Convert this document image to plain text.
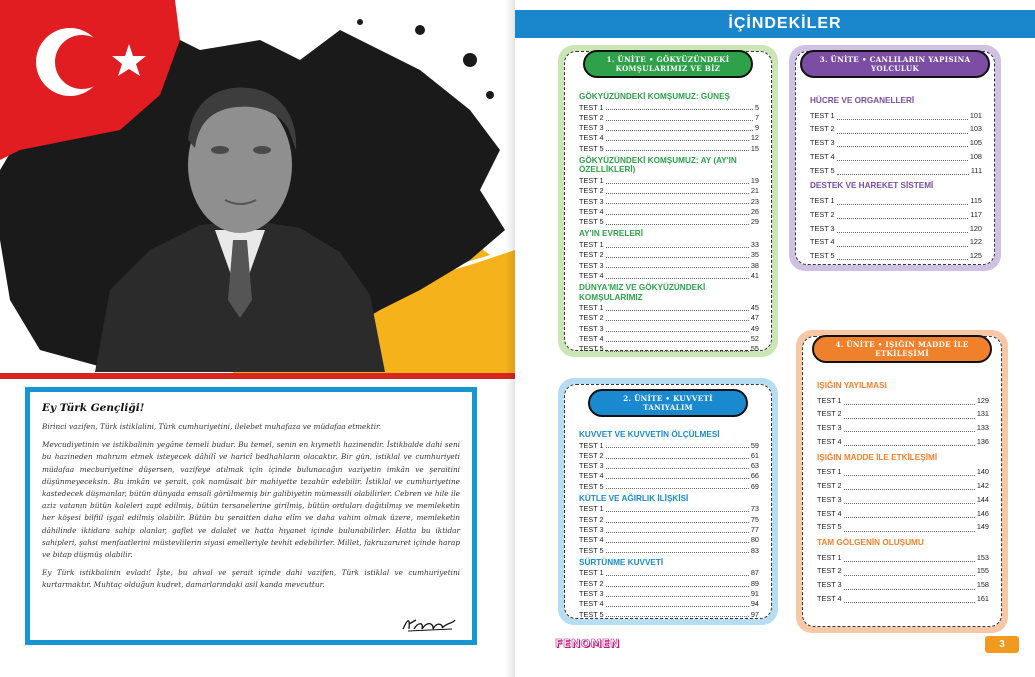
Ey Türk Gençliği!

Birinci vazifen, Türk istiklalini, Türk cumhuriyetini, ilelebet muhafaza ve müdafaa etmektir.

Mevcudiyetinin ve istikbalinin yegâne temeli budur. Bu temel, senin en kıymetli hazinendir. İstikbalde dahi seni bu hazineden mahrum etmek isteyecek dâhilî ve haricî bedhahların olacaktır. Bir gün, istiklal ve cumhuriyeti müdafaa mecburiyetine düşersen, vazifeye atılmak için içinde bulunacağın vaziyetin imkân ve şeraitini düşünmeyeceksin. Bu imkân ve şerait, çok namüsait bir mahiyette tezahür edebilir. İstiklal ve cumhuriyetine kastedecek düşmanlar, bütün dünyada emsali görülmemiş bir galibiyetin mümessili olabilirler. Cebren ve hile ile aziz vatanın bütün kaleleri zapt edilmiş, bütün tersanelerine girilmiş, bütün orduları dağıtılmış ve memleketin her köşesi bilfiil işgal edilmiş olabilir. Bütün bu şeraitten daha elîm ve daha vahim olmak üzere, memleketin dâhilinde iktidara sahip olanlar, gaflet ve dalalet ve hatta hıyanet içinde bulunabilirler. Hatta bu iktidar sahipleri, şahsi menfaatlerini müstevlilerin siyasi emelleriyle tevhit edebilirler. Millet, fakruzaruret içinde harap ve bitap düşmüş olabilir.

Ey Türk istikbalinin evladı! İşte, bu ahval ve şerait içinde dahi vazifen, Türk istiklal ve cumhuriyetini kurtarmaktır. Muhtaç olduğun kudret, damarlarındaki asil kanda mevcuttur.

İÇİNDEKİLER
1. ÜNİTE • GÖKYÜZÜNDEKİ
KOMŞULARIMIZ VE BİZ
GÖKYÜZÜNDEKİ KOMŞUMUZ: GÜNEŞ
TEST 1	5
TEST 2	7
TEST 3	9
TEST 4	12
TEST 5	15
GÖKYÜZÜNDEKİ KOMŞUMUZ: AY (AY'IN ÖZELLİKLERİ)
TEST 1	19
TEST 2	21
TEST 3	23
TEST 4	26
TEST 5	29
AY'IN EVRELERİ
TEST 1	33
TEST 2	35
TEST 3	38
TEST 4	41
DÜNYA'MIZ VE GÖKYÜZÜNDEKİ KOMŞULARIMIZ
TEST 1	45
TEST 2	47
TEST 3	49
TEST 4	52
TEST 5	55
3. ÜNİTE • CANLILARIN YAPISINA
YOLCULUK
HÜCRE VE ORGANELLERİ
TEST 1	101
TEST 2	103
TEST 3	105
TEST 4	108
TEST 5	111
DESTEK VE HAREKET SİSTEMİ
TEST 1	115
TEST 2	117
TEST 3	120
TEST 4	122
TEST 5	125
2. ÜNİTE • KUVVETİ TANIYALIM
KUVVET VE KUVVETİN ÖLÇÜLMESİ
TEST 1	59
TEST 2	61
TEST 3	63
TEST 4	66
TEST 5	69
KÜTLE VE AĞIRLIK İLİŞKİSİ
TEST 1	73
TEST 2	75
TEST 3	77
TEST 4	80
TEST 5	83
SÜRTÜNME KUVVETİ
TEST 1	87
TEST 2	89
TEST 3	91
TEST 4	94
TEST 5	97
4. ÜNİTE • IŞIĞIN MADDE İLE
ETKİLEŞİMİ
IŞIĞIN YAYILMASI
TEST 1	129
TEST 2	131
TEST 3	133
TEST 4	136
IŞIĞIN MADDE İLE ETKİLEŞİMİ
TEST 1	140
TEST 2	142
TEST 3	144
TEST 4	146
TEST 5	149
TAM GÖLGENİN OLUŞUMU
TEST 1	153
TEST 2	155
TEST 3	158
TEST 4	161
FENOMEN	3
